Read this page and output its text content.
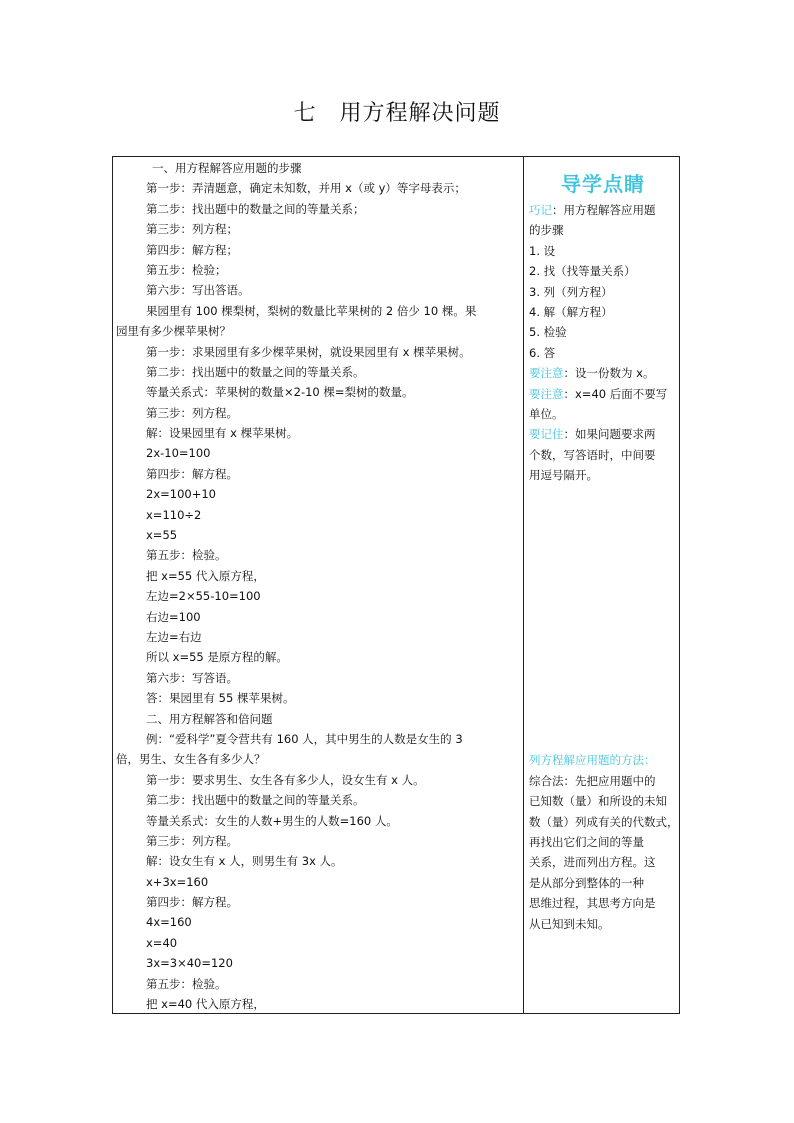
七　用方程解决问题
一、用方程解答应用题的步骤
第一步：弄清题意，确定未知数，并用 x（或 y）等字母表示；
第二步：找出题中的数量之间的等量关系；
第三步：列方程；
第四步：解方程；
第五步：检验；
第六步：写出答语。
果园里有 100 棵梨树，梨树的数量比苹果树的 2 倍少 10 棵。果
园里有多少棵苹果树？
第一步：求果园里有多少棵苹果树，就设果园里有 x 棵苹果树。
第二步：找出题中的数量之间的等量关系。
等量关系式：苹果树的数量×2-10 棵=梨树的数量。
第三步：列方程。
解：设果园里有 x 棵苹果树。
2x-10=100
第四步：解方程。
2x=100+10
x=110÷2
x=55
第五步：检验。
把 x=55 代入原方程，
左边=2×55-10=100
右边=100
左边=右边
所以 x=55 是原方程的解。
第六步：写答语。
答：果园里有 55 棵苹果树。
二、用方程解答和倍问题
例：“爱科学”夏令营共有 160 人，其中男生的人数是女生的 3
倍，男生、女生各有多少人？
第一步：要求男生、女生各有多少人，设女生有 x 人。
第二步：找出题中的数量之间的等量关系。
等量关系式：女生的人数+男生的人数=160 人。
第三步：列方程。
解：设女生有 x 人，则男生有 3x 人。
x+3x=160
第四步：解方程。
4x=160
x=40
3x=3×40=120
第五步：检验。
把 x=40 代入原方程，
导学点睛
巧记：用方程解答应用题
的步骤
1. 设
2. 找（找等量关系）
3. 列（列方程）
4. 解（解方程）
5. 检验
6. 答
要注意：设一份数为 x。
要注意：x=40 后面不要写
单位。
要记住：如果问题要求两
个数，写答语时，中间要
用逗号隔开。
列方程解应用题的方法：
综合法：先把应用题中的
已知数（量）和所设的未知
数（量）列成有关的代数式，
再找出它们之间的等量
关系，进而列出方程。这
是从部分到整体的一种
思维过程，其思考方向是
从已知到未知。
